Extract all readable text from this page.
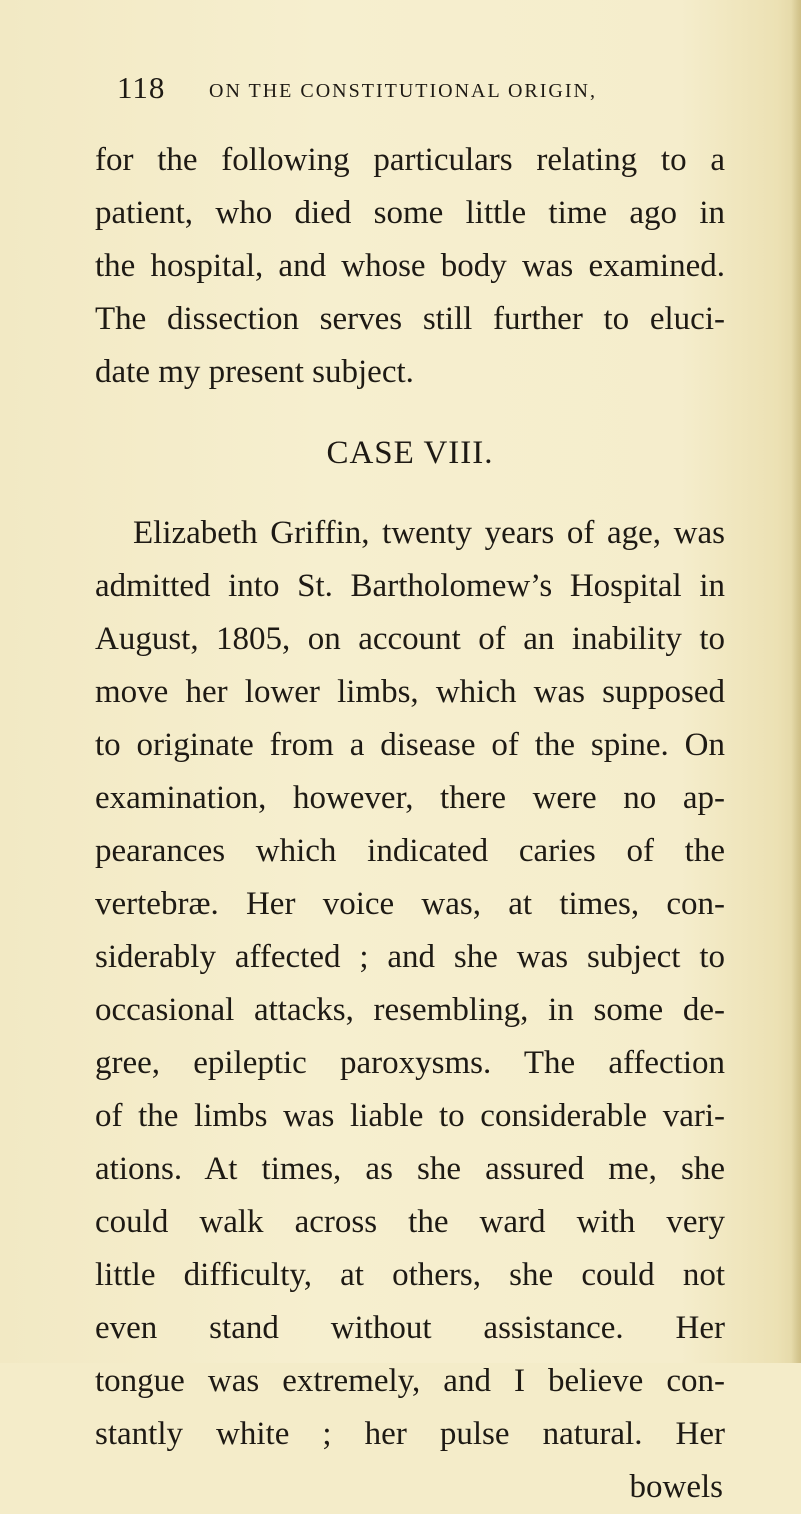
118 ON THE CONSTITUTIONAL ORIGIN,
for the following particulars relating to a
patient, who died some little time ago in
the hospital, and whose body was examined.
The dissection serves still further to eluci-
date my present subject.
CASE VIII.
Elizabeth Griffin, twenty years of age, was
admitted into St. Bartholomew’s Hospital in
August, 1805, on account of an inability to
move her lower limbs, which was supposed
to originate from a disease of the spine. On
examination, however, there were no ap-
pearances which indicated caries of the
vertebræ. Her voice was, at times, con-
siderably affected ; and she was subject to
occasional attacks, resembling, in some de-
gree, epileptic paroxysms. The affection
of the limbs was liable to considerable vari-
ations. At times, as she assured me, she
could walk across the ward with very
little difficulty, at others, she could not
even stand without assistance. Her
tongue was extremely, and I believe con-
stantly white ; her pulse natural. Her
bowels
